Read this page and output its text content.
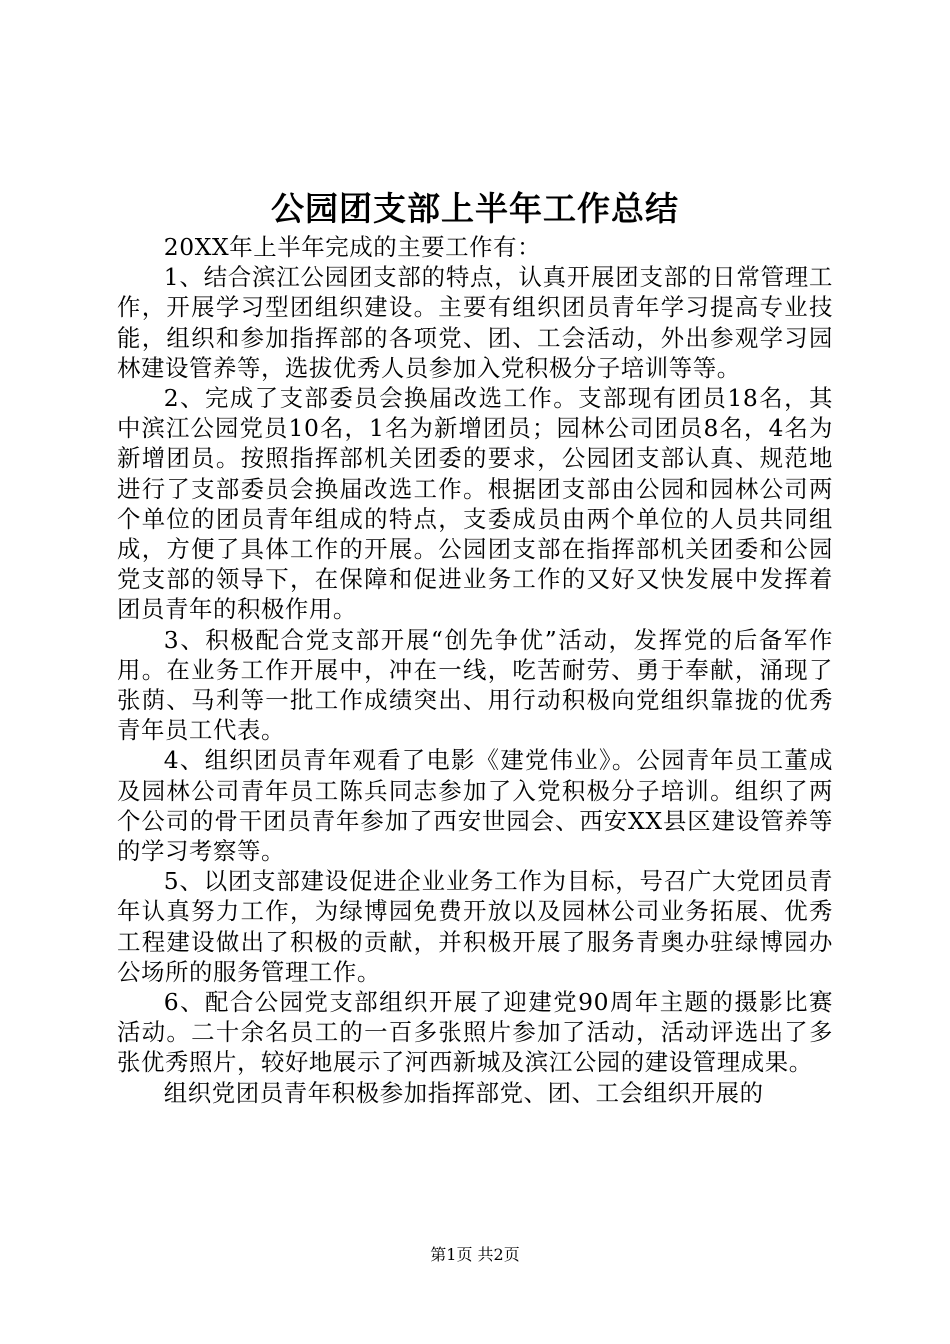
公园团支部上半年工作总结

20XX年上半年完成的主要工作有：

1、结合滨江公园团支部的特点，认真开展团支部的日常管理工作，开展学习型团组织建设。主要有组织团员青年学习提高专业技能，组织和参加指挥部的各项党、团、工会活动，外出参观学习园林建设管养等，选拔优秀人员参加入党积极分子培训等等。

2、完成了支部委员会换届改选工作。支部现有团员18名，其中滨江公园党员10名，1名为新增团员；园林公司团员8名，4名为新增团员。按照指挥部机关团委的要求，公园团支部认真、规范地进行了支部委员会换届改选工作。根据团支部由公园和园林公司两个单位的团员青年组成的特点，支委成员由两个单位的人员共同组成，方便了具体工作的开展。公园团支部在指挥部机关团委和公园党支部的领导下，在保障和促进业务工作的又好又快发展中发挥着团员青年的积极作用。

3、积极配合党支部开展“创先争优”活动，发挥党的后备军作用。在业务工作开展中，冲在一线，吃苦耐劳、勇于奉献，涌现了张荫、马利等一批工作成绩突出、用行动积极向党组织靠拢的优秀青年员工代表。

4、组织团员青年观看了电影《建党伟业》。公园青年员工董成及园林公司青年员工陈兵同志参加了入党积极分子培训。组织了两个公司的骨干团员青年参加了西安世园会、西安XX县区建设管养等的学习考察等。

5、以团支部建设促进企业业务工作为目标，号召广大党团员青年认真努力工作，为绿博园免费开放以及园林公司业务拓展、优秀工程建设做出了积极的贡献，并积极开展了服务青奥办驻绿博园办公场所的服务管理工作。

6、配合公园党支部组织开展了迎建党90周年主题的摄影比赛活动。二十余名员工的一百多张照片参加了活动，活动评选出了多张优秀照片，较好地展示了河西新城及滨江公园的建设管理成果。

组织党团员青年积极参加指挥部党、团、工会组织开展的

第1页 共2页
